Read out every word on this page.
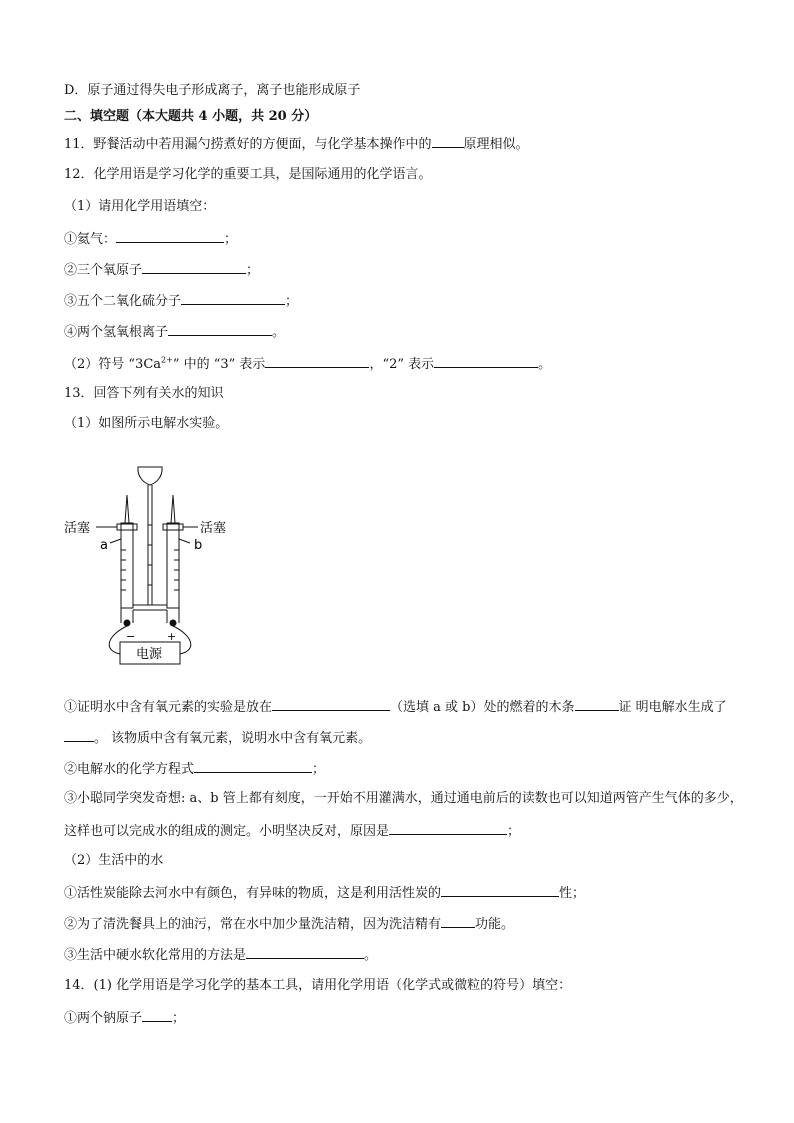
D．原子通过得失电子形成离子，离子也能形成原子
二、填空题（本大题共 4 小题，共 20 分）
11．野餐活动中若用漏勺捞煮好的方便面，与化学基本操作中的 原理相似。
12．化学用语是学习化学的重要工具，是国际通用的化学语言。
（1）请用化学用语填空：
①氦气：	；
②三个氧原子	；
③五个二氧化硫分子	；
④两个氢氧根离子	。
（2）符号 “$3Ca^{2+}$” 中的 “3” 表示	，“2” 表示	。
13．回答下列有关水的知识
（1）如图所示电解水实验。
活塞	活塞
a	b
−	+
电源
①证明水中含有氧元素的实验是放在	（选填 a 或 b）处的燃着的木条	证 明电解水生成了
。 该物质中含有氧元素，说明水中含有氧元素。
②电解水的化学方程式	；
③小聪同学突发奇想: a、b 管上都有刻度，一开始不用灌满水，通过通电前后的读数也可以知道两管产生气体的多少，
这样也可以完成水的组成的测定。小明坚决反对，原因是	；
（2）生活中的水
①活性炭能除去河水中有颜色，有异味的物质，这是利用活性炭的	性；
②为了清洗餐具上的油污，常在水中加少量洗洁精，因为洗洁精有	功能。
③生活中硬水软化常用的方法是	。
14．(1) 化学用语是学习化学的基本工具，请用化学用语（化学式或微粒的符号）填空：
①两个钠原子 ；
